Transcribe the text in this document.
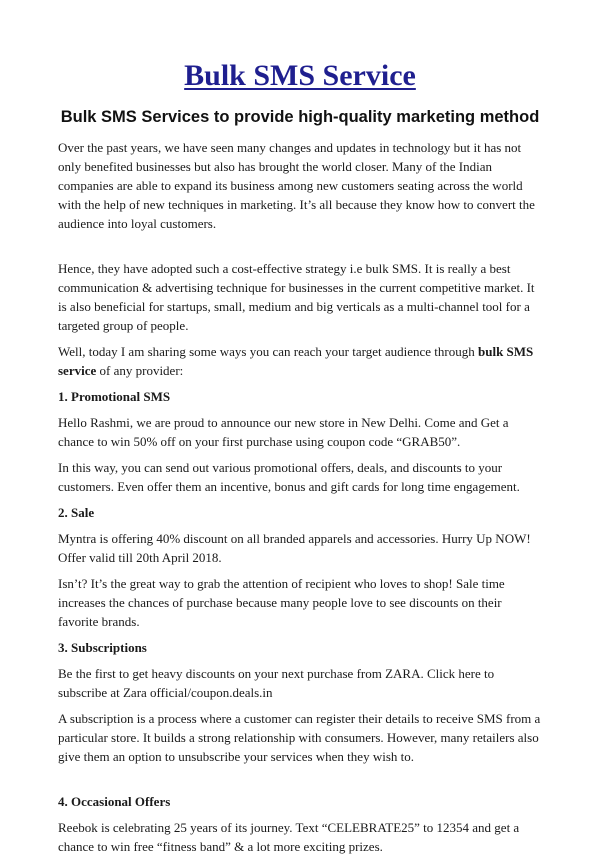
Bulk SMS Service
Bulk SMS Services to provide high-quality marketing method

Over the past years, we have seen many changes and updates in technology but it has not only benefited businesses but also has brought the world closer. Many of the Indian companies are able to expand its business among new customers seating across the world with the help of new techniques in marketing. It’s all because they know how to convert the audience into loyal customers.

Hence, they have adopted such a cost-effective strategy i.e bulk SMS. It is really a best communication & advertising technique for businesses in the current competitive market. It is also beneficial for startups, small, medium and big verticals as a multi-channel tool for a targeted group of people.

Well, today I am sharing some ways you can reach your target audience through bulk SMS service of any provider:

1. Promotional SMS

Hello Rashmi, we are proud to announce our new store in New Delhi. Come and Get a chance to win 50% off on your first purchase using coupon code “GRAB50”.

In this way, you can send out various promotional offers, deals, and discounts to your customers. Even offer them an incentive, bonus and gift cards for long time engagement.

2. Sale

Myntra is offering 40% discount on all branded apparels and accessories. Hurry Up NOW! Offer valid till 20th April 2018.

Isn’t? It’s the great way to grab the attention of recipient who loves to shop! Sale time increases the chances of purchase because many people love to see discounts on their favorite brands.

3. Subscriptions

Be the first to get heavy discounts on your next purchase from ZARA. Click here to subscribe at Zara official/coupon.deals.in

A subscription is a process where a customer can register their details to receive SMS from a particular store. It builds a strong relationship with consumers. However, many retailers also give them an option to unsubscribe your services when they wish to.

4. Occasional Offers

Reebok is celebrating 25 years of its journey. Text “CELEBRATE25” to 12354 and get a chance to win free “fitness band” & a lot more exciting prizes.
